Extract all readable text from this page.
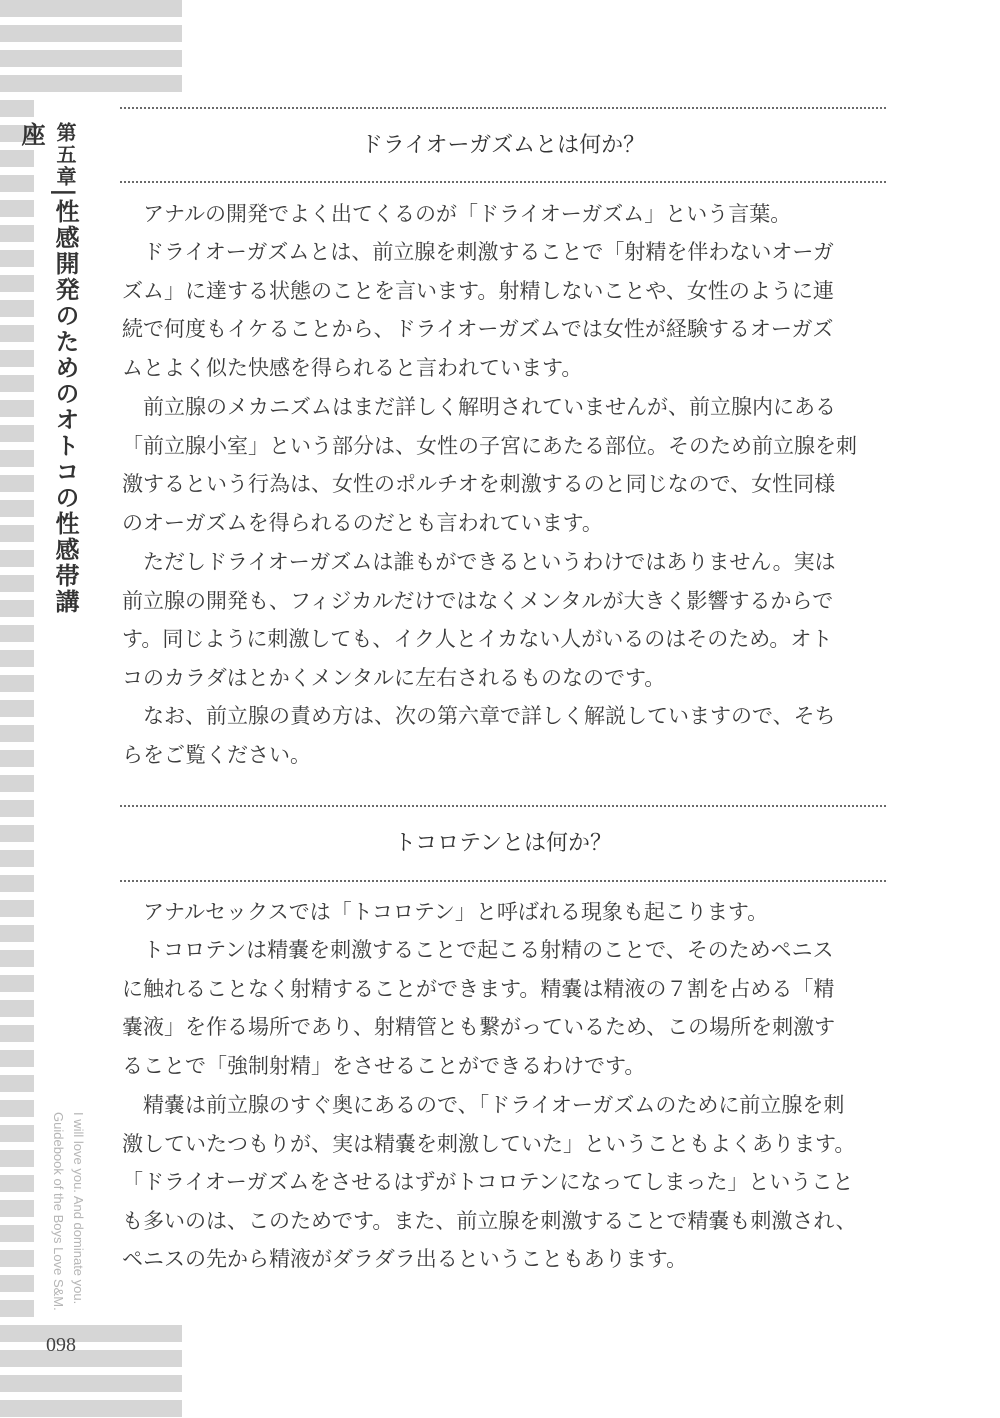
第五章|性感開発のためのオトコの性感帯講座
I will love you. And dominate you.
Guidebook of the Boys Love S&M.
098
ドライオーガズムとは何か？
アナルの開発でよく出てくるのが「ドライオーガズム」という言葉。
ドライオーガズムとは、前立腺を刺激することで「射精を伴わないオーガ
ズム」に達する状態のことを言います。射精しないことや、女性のように連
続で何度もイケることから、ドライオーガズムでは女性が経験するオーガズ
ムとよく似た快感を得られると言われています。
前立腺のメカニズムはまだ詳しく解明されていませんが、前立腺内にある
「前立腺小室」という部分は、女性の子宮にあたる部位。そのため前立腺を刺
激するという行為は、女性のポルチオを刺激するのと同じなので、女性同様
のオーガズムを得られるのだとも言われています。
ただしドライオーガズムは誰もができるというわけではありません。実は
前立腺の開発も、フィジカルだけではなくメンタルが大きく影響するからで
す。同じように刺激しても、イク人とイカない人がいるのはそのため。オト
コのカラダはとかくメンタルに左右されるものなのです。
なお、前立腺の責め方は、次の第六章で詳しく解説していますので、そち
らをご覧ください。
トコロテンとは何か？
アナルセックスでは「トコロテン」と呼ばれる現象も起こります。
トコロテンは精嚢を刺激することで起こる射精のことで、そのためペニス
に触れることなく射精することができます。精嚢は精液の７割を占める「精
嚢液」を作る場所であり、射精管とも繋がっているため、この場所を刺激す
ることで「強制射精」をさせることができるわけです。
精嚢は前立腺のすぐ奥にあるので、「ドライオーガズムのために前立腺を刺
激していたつもりが、実は精嚢を刺激していた」ということもよくあります。
「ドライオーガズムをさせるはずがトコロテンになってしまった」ということ
も多いのは、このためです。また、前立腺を刺激することで精嚢も刺激され、
ペニスの先から精液がダラダラ出るということもあります。
